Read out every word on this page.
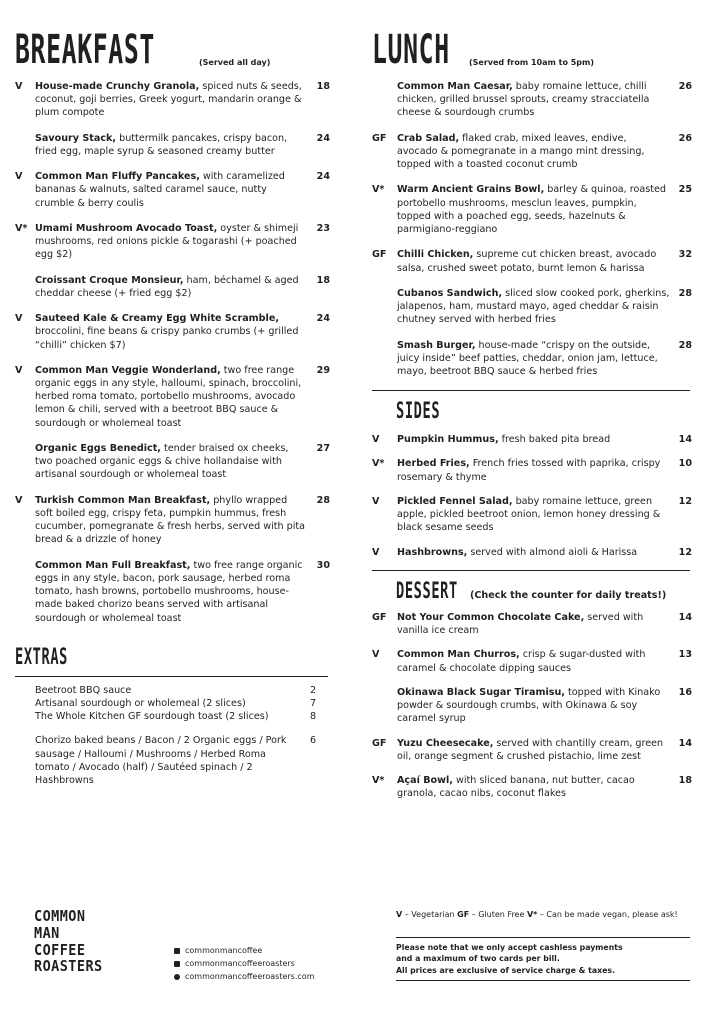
BREAKFAST	(Served all day)
V	House-made Crunchy Granola, spiced nuts & seeds, coconut, goji berries, Greek yogurt, mandarin orange & plum compote
18
Savoury Stack, buttermilk pancakes, crispy bacon, fried egg, maple syrup & seasoned creamy butter
24
V	Common Man Fluffy Pancakes, with caramelized bananas & walnuts, salted caramel sauce, nutty crumble & berry coulis
24
V* Umami Mushroom Avocado Toast, oyster & shimeji mushrooms, red onions pickle & togarashi (+ poached egg $2)
23
Croissant Croque Monsieur, ham, béchamel & aged cheddar cheese (+ fried egg $2)
18
V	Sauteed Kale & Creamy Egg White Scramble, broccolini, fine beans & crispy panko crumbs (+ grilled “chilli” chicken $7)
24
V	Common Man Veggie Wonderland, two free range organic eggs in any style, halloumi, spinach, broccolini, herbed roma tomato, portobello mushrooms, avocado lemon & chili, served with a beetroot BBQ sauce & sourdough or wholemeal toast
29
Organic Eggs Benedict, tender braised ox cheeks, two poached organic eggs & chive hollandaise with artisanal sourdough or wholemeal toast
27
V	Turkish Common Man Breakfast, phyllo wrapped soft boiled egg, crispy feta, pumpkin hummus, fresh cucumber, pomegranate & fresh herbs, served with pita bread & a drizzle of honey
28
Common Man Full Breakfast, two free range organic eggs in any style, bacon, pork sausage, herbed roma tomato, hash browns, portobello mushrooms, house-made baked chorizo beans served with artisanal sourdough or wholemeal toast
30
EXTRAS
Beetroot BBQ sauce	2
Artisanal sourdough or wholemeal (2 slices)	7
The Whole Kitchen GF sourdough toast (2 slices)	8
Chorizo baked beans / Bacon / 2 Organic eggs / Pork sausage / Halloumi / Mushrooms / Herbed Roma tomato / Avocado (half) / Sautéed spinach / 2 Hashbrowns
6
LUNCH	(Served from 10am to 5pm)
Common Man Caesar, baby romaine lettuce, chilli chicken, grilled brussel sprouts, creamy stracciatella cheese & sourdough crumbs
26
GF	Crab Salad, flaked crab, mixed leaves, endive, avocado & pomegranate in a mango mint dressing, topped with a toasted coconut crumb
26
V*	Warm Ancient Grains Bowl, barley & quinoa, roasted portobello mushrooms, mesclun leaves, pumpkin, topped with a poached egg, seeds, hazelnuts & parmigiano-reggiano
25
GF	Chilli Chicken, supreme cut chicken breast, avocado salsa, crushed sweet potato, burnt lemon & harissa
32
Cubanos Sandwich, sliced slow cooked pork, gherkins, jalapenos, ham, mustard mayo, aged cheddar & raisin chutney served with herbed fries
28
Smash Burger, house-made “crispy on the outside, juicy inside” beef patties, cheddar, onion jam, lettuce, mayo, beetroot BBQ sauce & herbed fries
28
SIDES
V	Pumpkin Hummus, fresh baked pita bread	14
V*	Herbed Fries, French fries tossed with paprika, crispy rosemary & thyme
10
V	Pickled Fennel Salad, baby romaine lettuce, green apple, pickled beetroot onion, lemon honey dressing & black sesame seeds
12
V	Hashbrowns, served with almond aioli & Harissa	12
DESSERT	(Check the counter for daily treats!)
GF	Not Your Common Chocolate Cake, served with vanilla ice cream
14
V	Common Man Churros, crisp & sugar-dusted with caramel & chocolate dipping sauces
13
Okinawa Black Sugar Tiramisu, topped with Kinako powder & sourdough crumbs, with Okinawa & soy caramel syrup
16
GF	Yuzu Cheesecake, served with chantilly cream, green oil, orange segment & crushed pistachio, lime zest
14
V*	Açaí Bowl, with sliced banana, nut butter, cacao granola, cacao nibs, coconut flakes
18
COMMON
MAN
COFFEE
ROASTERS
commonmancoffee
commonmancoffeeroasters
commonmancoffeeroasters.com
V – Vegetarian GF – Gluten Free V* – Can be made vegan, please ask!
Please note that we only accept cashless payments
and a maximum of two cards per bill.
All prices are exclusive of service charge & taxes.
